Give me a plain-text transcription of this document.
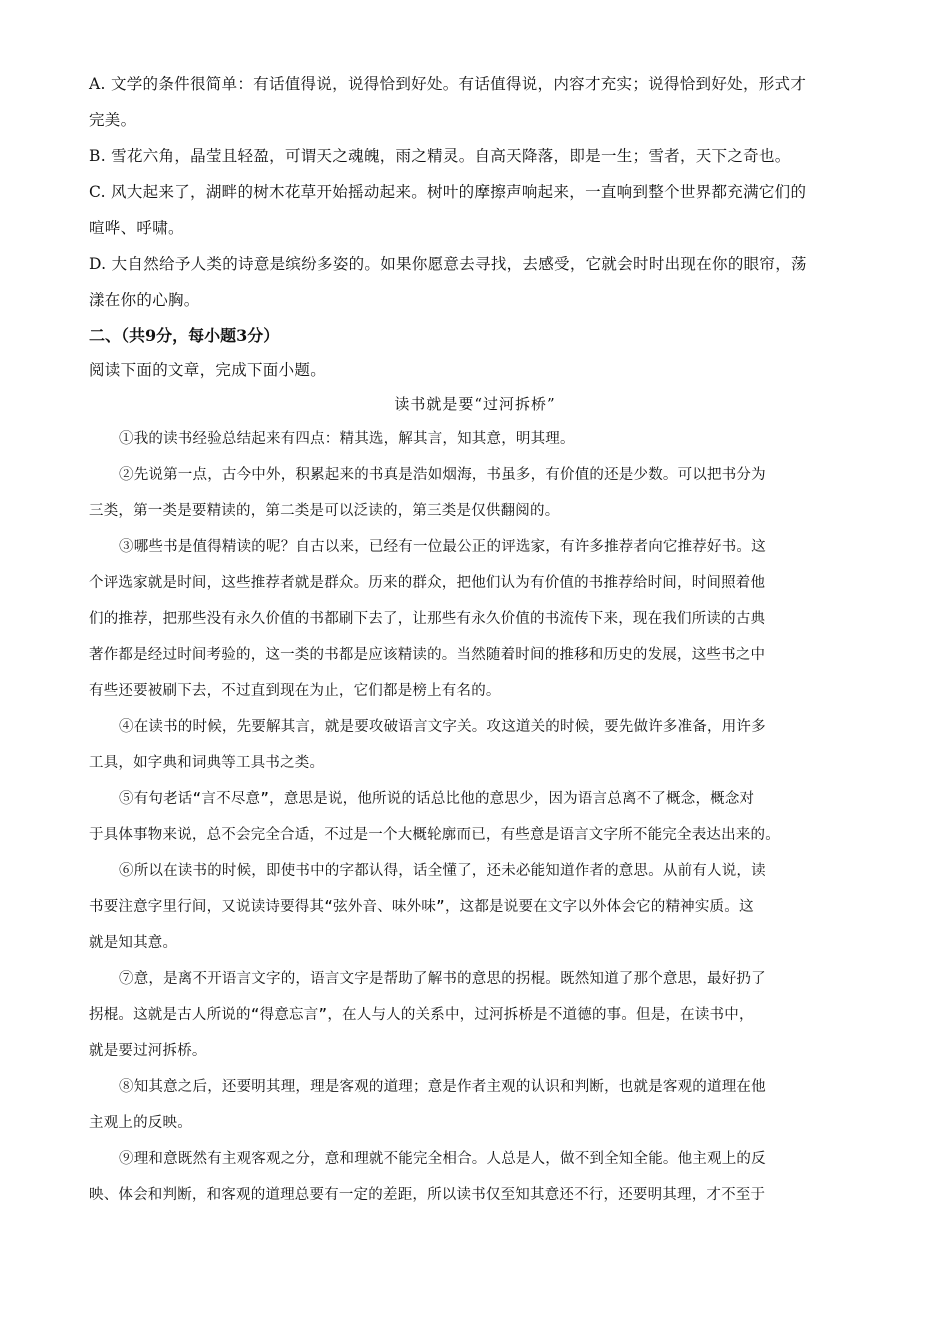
A. 文学的条件很简单：有话值得说，说得恰到好处。有话值得说，内容才充实；说得恰到好处，形式才
完美。
B. 雪花六角，晶莹且轻盈，可谓天之魂魄，雨之精灵。自高天降落，即是一生；雪者，天下之奇也。
C. 风大起来了，湖畔的树木花草开始摇动起来。树叶的摩擦声响起来，一直响到整个世界都充满它们的
喧哗、呼啸。
D. 大自然给予人类的诗意是缤纷多姿的。如果你愿意去寻找，去感受，它就会时时出现在你的眼帘，荡
漾在你的心胸。
二、（共9分，每小题3分）
阅读下面的文章，完成下面小题。
读书就是要“过河拆桥”
①我的读书经验总结起来有四点：精其选，解其言，知其意，明其理。
②先说第一点，古今中外，积累起来的书真是浩如烟海，书虽多，有价值的还是少数。可以把书分为
三类，第一类是要精读的，第二类是可以泛读的，第三类是仅供翻阅的。
③哪些书是值得精读的呢？自古以来，已经有一位最公正的评选家，有许多推荐者向它推荐好书。这
个评选家就是时间，这些推荐者就是群众。历来的群众，把他们认为有价值的书推荐给时间，时间照着他
们的推荐，把那些没有永久价值的书都刷下去了，让那些有永久价值的书流传下来，现在我们所读的古典
著作都是经过时间考验的，这一类的书都是应该精读的。当然随着时间的推移和历史的发展，这些书之中
有些还要被刷下去，不过直到现在为止，它们都是榜上有名的。
④在读书的时候，先要解其言，就是要攻破语言文字关。攻这道关的时候，要先做许多准备，用许多
工具，如字典和词典等工具书之类。
⑤有句老话“言不尽意”，意思是说，他所说的话总比他的意思少，因为语言总离不了概念，概念对
于具体事物来说，总不会完全合适，不过是一个大概轮廓而已，有些意是语言文字所不能完全表达出来的。
⑥所以在读书的时候，即使书中的字都认得，话全懂了，还未必能知道作者的意思。从前有人说，读
书要注意字里行间，又说读诗要得其“弦外音、味外味”，这都是说要在文字以外体会它的精神实质。这
就是知其意。
⑦意，是离不开语言文字的，语言文字是帮助了解书的意思的拐棍。既然知道了那个意思，最好扔了
拐棍。这就是古人所说的“得意忘言”，在人与人的关系中，过河拆桥是不道德的事。但是，在读书中，
就是要过河拆桥。
⑧知其意之后，还要明其理，理是客观的道理；意是作者主观的认识和判断，也就是客观的道理在他
主观上的反映。
⑨理和意既然有主观客观之分，意和理就不能完全相合。人总是人，做不到全知全能。他主观上的反
映、体会和判断，和客观的道理总要有一定的差距，所以读书仅至知其意还不行，还要明其理，才不至于
